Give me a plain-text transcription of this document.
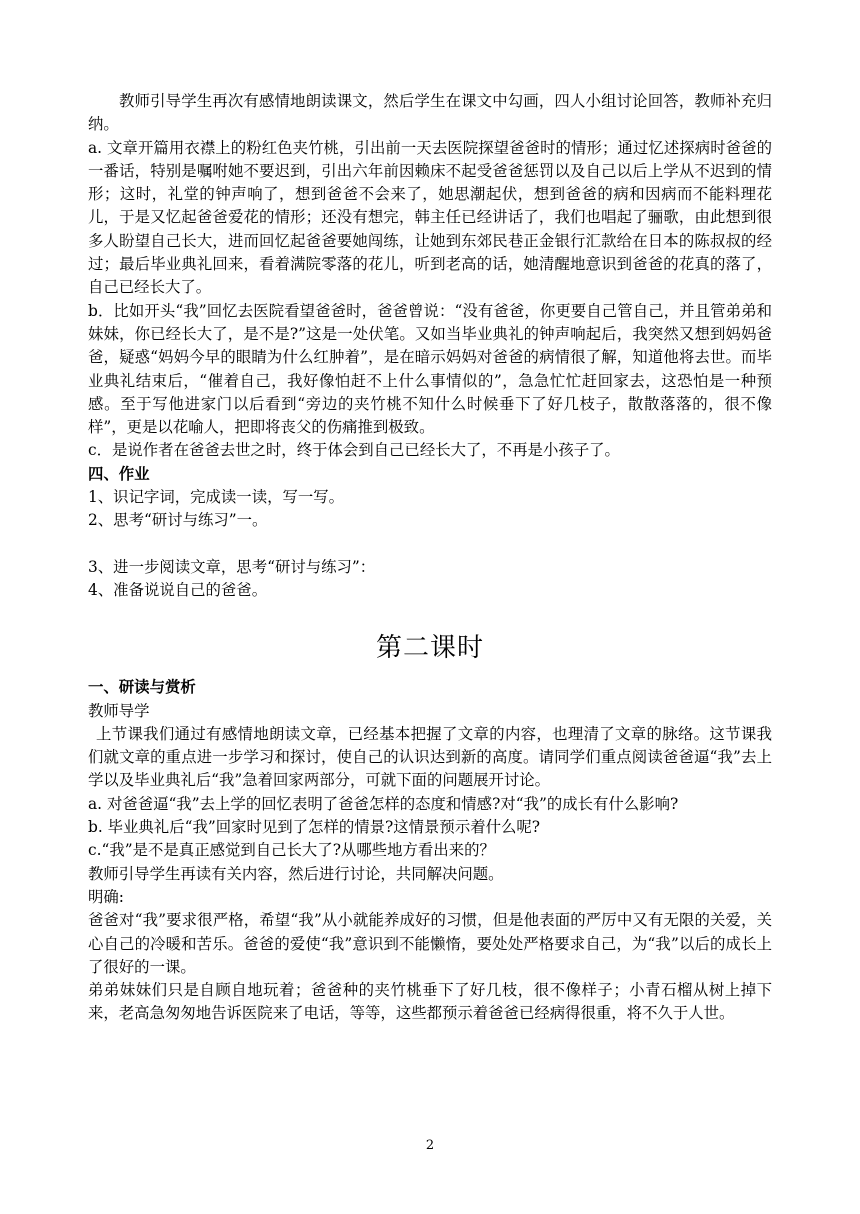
教师引导学生再次有感情地朗读课文，然后学生在课文中勾画，四人小组讨论回答，教师补充归纳。

a. 文章开篇用衣襟上的粉红色夹竹桃，引出前一天去医院探望爸爸时的情形；通过忆述探病时爸爸的一番话，特别是嘱咐她不要迟到，引出六年前因赖床不起受爸爸惩罚以及自己以后上学从不迟到的情形；这时，礼堂的钟声响了，想到爸爸不会来了，她思潮起伏，想到爸爸的病和因病而不能料理花儿，于是又忆起爸爸爱花的情形；还没有想完，韩主任已经讲话了，我们也唱起了骊歌，由此想到很多人盼望自己长大，进而回忆起爸爸要她闯练，让她到东郊民巷正金银行汇款给在日本的陈叔叔的经过；最后毕业典礼回来，看着满院零落的花儿，听到老高的话，她清醒地意识到爸爸的花真的落了，自己已经长大了。

b．比如开头“我”回忆去医院看望爸爸时，爸爸曾说：“没有爸爸，你更要自己管自己，并且管弟弟和妹妹，你已经长大了，是不是?”这是一处伏笔。又如当毕业典礼的钟声响起后，我突然又想到妈妈爸爸，疑惑“妈妈今早的眼睛为什么红肿着”，是在暗示妈妈对爸爸的病情很了解，知道他将去世。而毕业典礼结束后，“催着自己，我好像怕赶不上什么事情似的”，急急忙忙赶回家去，这恐怕是一种预感。至于写他进家门以后看到“旁边的夹竹桃不知什么时候垂下了好几枝子，散散落落的，很不像样”，更是以花喻人，把即将丧父的伤痛推到极致。

c．是说作者在爸爸去世之时，终于体会到自己已经长大了，不再是小孩子了。

四、作业

1、识记字词，完成读一读，写一写。

2、思考“研讨与练习”一。

3、进一步阅读文章，思考“研讨与练习”：

4、准备说说自己的爸爸。

第二课时

一、研读与赏析

教师导学

上节课我们通过有感情地朗读文章，已经基本把握了文章的内容，也理清了文章的脉络。这节课我们就文章的重点进一步学习和探讨，使自己的认识达到新的高度。请同学们重点阅读爸爸逼“我”去上学以及毕业典礼后“我”急着回家两部分，可就下面的问题展开讨论。

a. 对爸爸逼“我”去上学的回忆表明了爸爸怎样的态度和情感?对“我”的成长有什么影响?

b. 毕业典礼后“我”回家时见到了怎样的情景?这情景预示着什么呢?

c.“我”是不是真正感觉到自己长大了?从哪些地方看出来的？

教师引导学生再读有关内容，然后进行讨论，共同解决问题。

明确:

爸爸对“我”要求很严格，希望“我”从小就能养成好的习惯，但是他表面的严厉中又有无限的关爱，关心自己的冷暖和苦乐。爸爸的爱使“我”意识到不能懒惰，要处处严格要求自己，为“我”以后的成长上了很好的一课。

弟弟妹妹们只是自顾自地玩着；爸爸种的夹竹桃垂下了好几枝，很不像样子；小青石榴从树上掉下来，老高急匆匆地告诉医院来了电话，等等，这些都预示着爸爸已经病得很重，将不久于人世。

2
